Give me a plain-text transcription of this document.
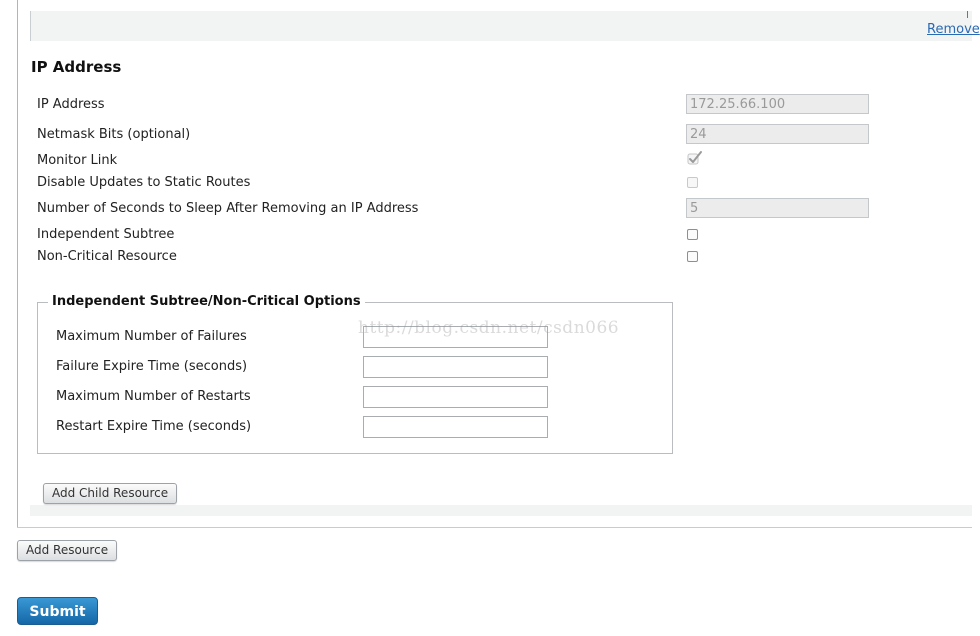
Remove
IP Address
IP Address
172.25.66.100
Netmask Bits (optional)
24
Monitor Link
Disable Updates to Static Routes
Number of Seconds to Sleep After Removing an IP Address
5
Independent Subtree
Non-Critical Resource
Independent Subtree/Non-Critical Options
Maximum Number of Failures
Failure Expire Time (seconds)
Maximum Number of Restarts
Restart Expire Time (seconds)
http://blog.csdn.net/csdn066
Add Child Resource
Add Resource
Submit
